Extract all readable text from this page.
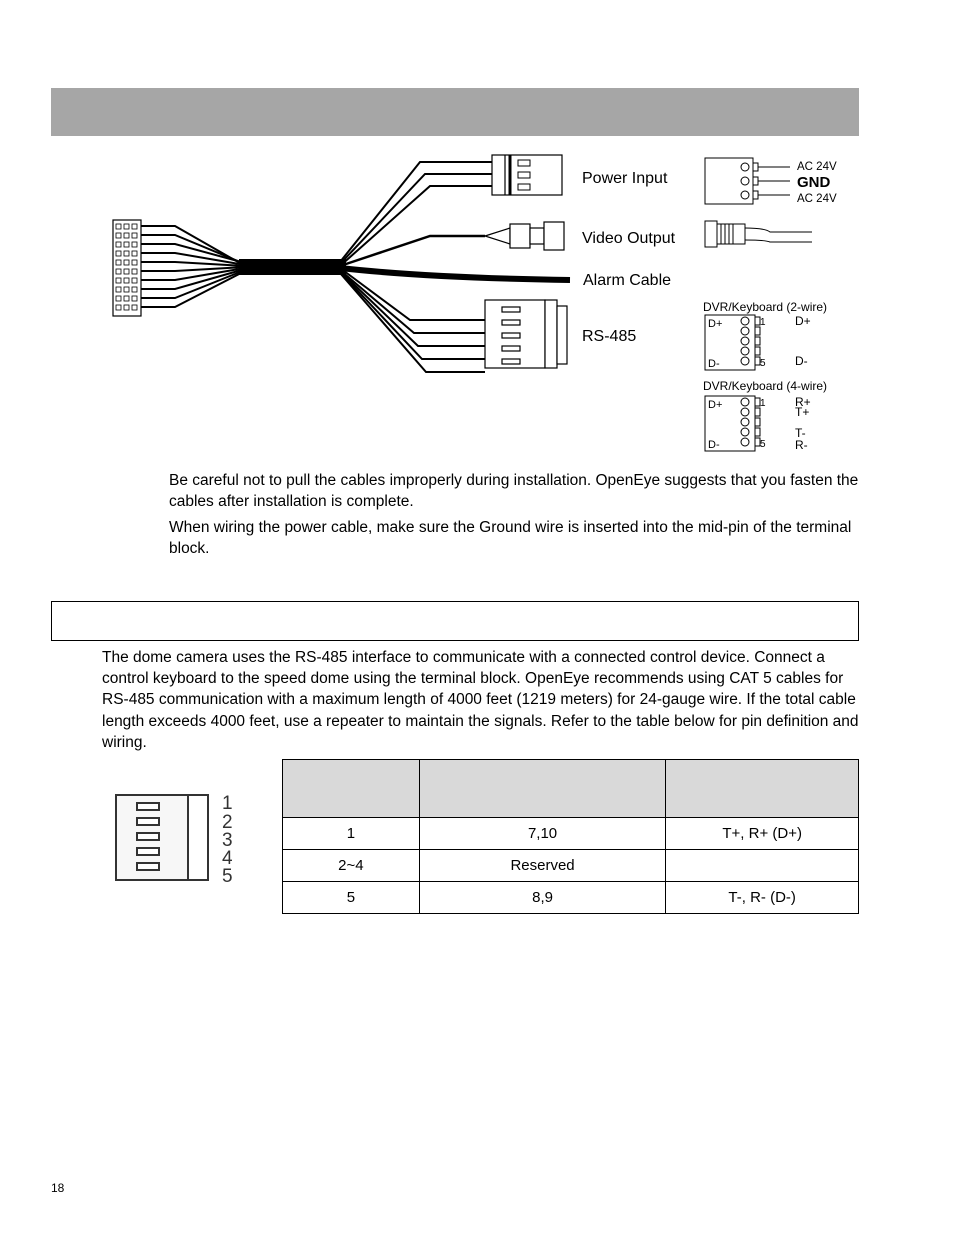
Power Input
Video Output
Alarm Cable
RS-485
AC 24V
GND
AC 24V
DVR/Keyboard (2-wire)
D+
D-
1
5
D+
D-
DVR/Keyboard (4-wire)
D+
D-
1
5
R+
T+
T-
R-

Be careful not to pull the cables improperly during installation. OpenEye suggests that you fasten the cables after installation is complete.

When wiring the power cable, make sure the Ground wire is inserted into the mid-pin of the terminal block.

The dome camera uses the RS-485 interface to communicate with a connected control device. Connect a control keyboard to the speed dome using the terminal block. OpenEye recommends using CAT 5 cables for RS-485 communication with a maximum length of 4000 feet (1219 meters) for 24-gauge wire. If the total cable length exceeds 4000 feet, use a repeater to maintain the signals. Refer to the table below for pin definition and wiring.
1
2
3
4
5

1	7,10	T+, R+ (D+)
2~4	Reserved	
5	8,9	T-, R- (D-)
18
